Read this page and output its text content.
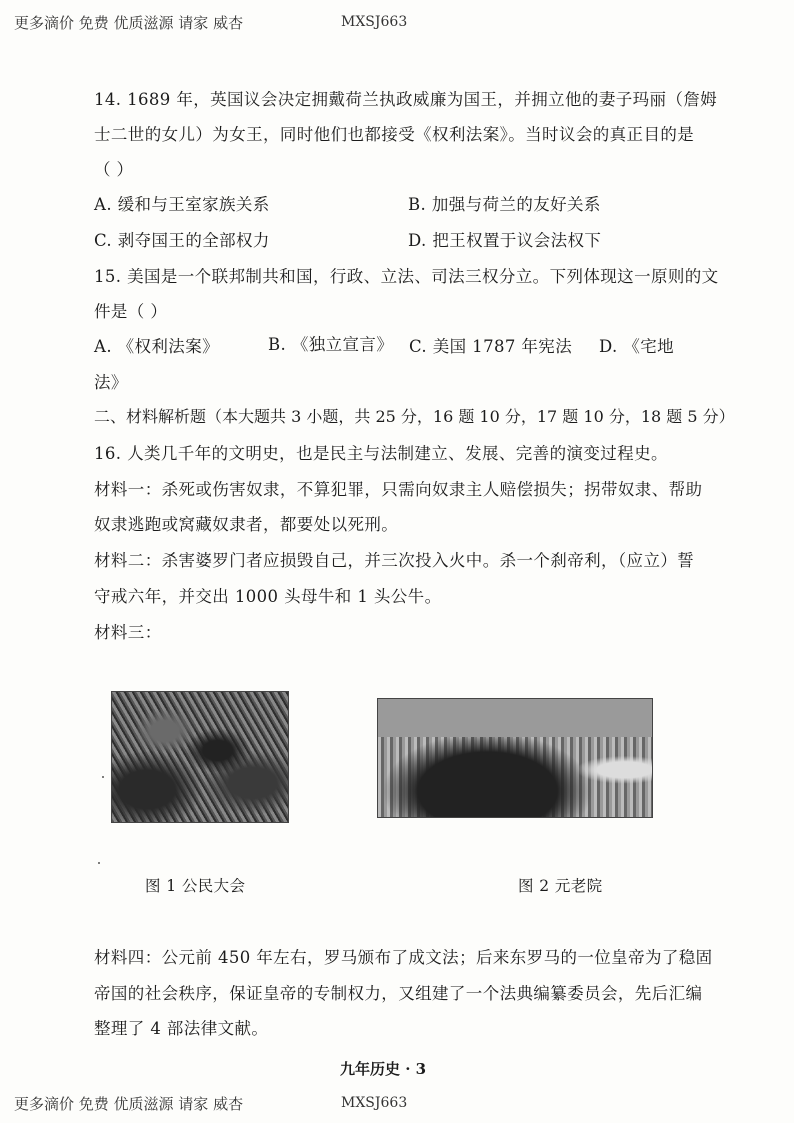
更多滴价 免费 优质滋源 请家 威杏	MXSJ663
14. 1689 年，英国议会决定拥戴荷兰执政威廉为国王，并拥立他的妻子玛丽（詹姆
士二世的女儿）为女王，同时他们也都接受《权利法案》。当时议会的真正目的是
（ ）
A. 缓和与王室家族关系	B. 加强与荷兰的友好关系
C. 剥夺国王的全部权力	D. 把王权置于议会法权下
15. 美国是一个联邦制共和国，行政、立法、司法三权分立。下列体现这一原则的文
件是（ ）
A. 《权利法案》	B. 《独立宣言》 C. 美国 1787 年宪法 D. 《宅地
法》
二、材料解析题（本大题共 3 小题，共 25 分，16 题 10 分，17 题 10 分，18 题 5 分）
16. 人类几千年的文明史，也是民主与法制建立、发展、完善的演变过程史。
材料一：杀死或伤害奴隶，不算犯罪，只需向奴隶主人赔偿损失；拐带奴隶、帮助
奴隶逃跑或窝藏奴隶者，都要处以死刑。
材料二：杀害婆罗门者应损毁自己，并三次投入火中。杀一个刹帝利，（应立）誓
守戒六年，并交出 1000 头母牛和 1 头公牛。
材料三：
图 1 公民大会	图 2 元老院
材料四：公元前 450 年左右，罗马颁布了成文法；后来东罗马的一位皇帝为了稳固
帝国的社会秩序，保证皇帝的专制权力，又组建了一个法典编纂委员会，先后汇编
整理了 4 部法律文献。
九年历史 · 3
更多滴价 免费 优质滋源 请家 威杏	MXSJ663
